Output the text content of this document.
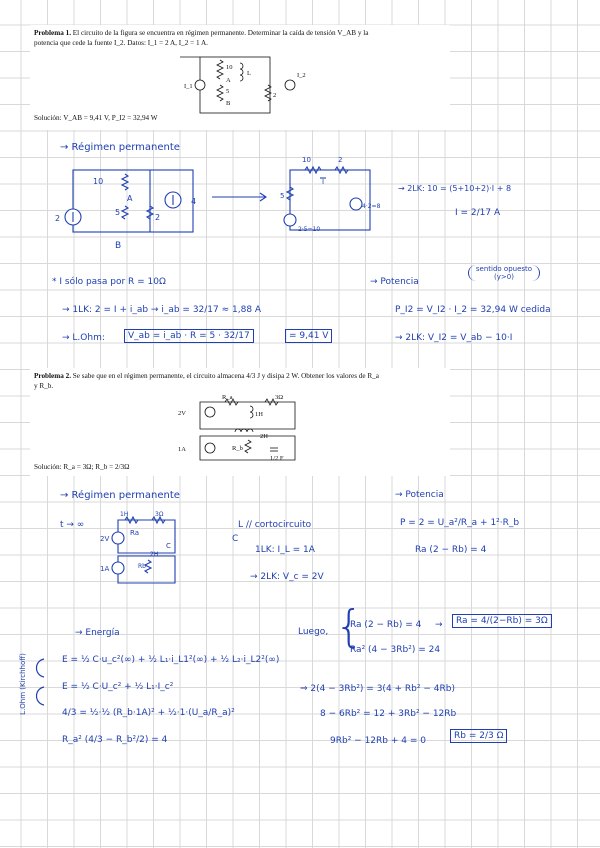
Problema 1. El circuito de la figura se encuentra en régimen permanente. Determinar la caída de tensión V_AB y la
potencia que cede la fuente I_2. Datos: I_1 = 2 A, I_2 = 1 A.

10
A
5
B
2
L
I_1
I_2

Solución: V_AB = 9,41 V, P_I2 = 32,94 W

→ Régimen permanente
10
A
5
2
B
2
4
10	2
I
5
2·5=10
4·2=8
→ 2LK: 10 = (5+10+2)·I + 8
I = 2/17 A
* I sólo pasa por R = 10Ω	→ Potencia
sentido opuesto (y>0)
→ 1LK: 2 = I + i_ab → i_ab = 32/17 ≈ 1,88 A	P_I2 = V_I2 · I_2 = 32,94 W cedida
→ L.Ohm:	V_ab = i_ab · R = 5 · 32/17	= 9,41 V	→ 2LK: V_I2 = V_ab − 10·I

Problema 2. Se sabe que en el régimen permanente, el circuito almacena 4/3 J y disipa 2 W. Obtener los valores de R_a
y R_b.

2V
R_a	3Ω
1H
2H
1A	R_b
1/2 F

Solución: R_a = 3Ω; R_b = 2/3Ω

→ Régimen permanente	→ Potencia
t → ∞
1H
Ra
3Ω
2V
Rb
1A
C
2H
L // cortocircuito
C
1LK: I_L = 1A
→ 2LK: V_c = 2V
P = 2 = U_a²/R_a + 1²·R_b
Ra (2 − Rb) = 4
→ Energía
E = ½ C·u_c²(∞) + ½ L₁·i_L1²(∞) + ½ L₂·i_L2²(∞)
E = ½ C·U_c² + ½ L₁·I_c²
4/3 = ½·½ (R_b·1A)² + ½·1·(U_a/R_a)²
R_a² (4/3 − R_b²/2) = 4
L.Ohm (Kirchhoff)
Luego, {
Ra (2 − Rb) = 4 →	Ra = 4/(2−Rb) = 3Ω
Ra² (4 − 3Rb²) = 24
⇒ 2(4 − 3Rb²) = 3(4 + Rb² − 4Rb)
8 − 6Rb² = 12 + 3Rb² − 12Rb
9Rb² − 12Rb + 4 = 0	Rb = 2/3 Ω
